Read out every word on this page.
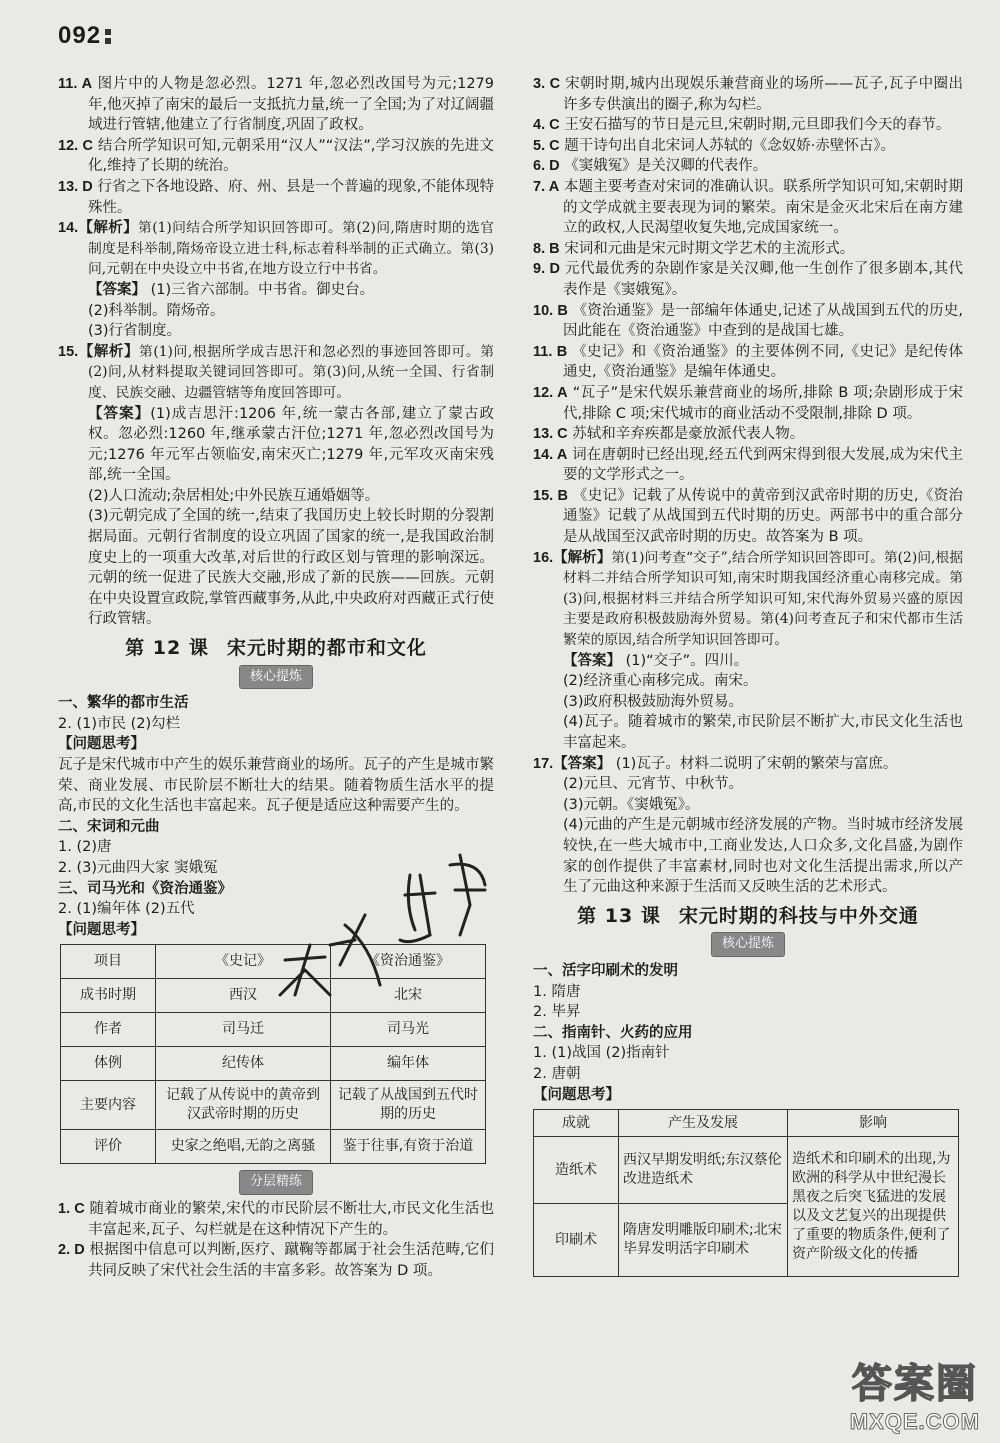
092

11. A 图片中的人物是忽必烈。1271 年,忽必烈改国号为元;1279 年,他灭掉了南宋的最后一支抵抗力量,统一了全国;为了对辽阔疆域进行管辖,他建立了行省制度,巩固了政权。

12. C 结合所学知识可知,元朝采用“汉人”“汉法”,学习汉族的先进文化,维持了长期的统治。

13. D 行省之下各地设路、府、州、县是一个普遍的现象,不能体现特殊性。

14.【解析】第(1)问结合所学知识回答即可。第(2)问,隋唐时期的选官制度是科举制,隋炀帝设立进士科,标志着科举制的正式确立。第(3)问,元朝在中央设立中书省,在地方设立行中书省。

【答案】 (1)三省六部制。中书省。御史台。

(2)科举制。隋炀帝。

(3)行省制度。

15.【解析】第(1)问,根据所学成吉思汗和忽必烈的事迹回答即可。第(2)问,从材料提取关键词回答即可。第(3)问,从统一全国、行省制度、民族交融、边疆管辖等角度回答即可。

【答案】(1)成吉思汗:1206 年,统一蒙古各部,建立了蒙古政权。忽必烈:1260 年,继承蒙古汗位;1271 年,忽必烈改国号为元;1276 年元军占领临安,南宋灭亡;1279 年,元军攻灭南宋残部,统一全国。

(2)人口流动;杂居相处;中外民族互通婚姻等。

(3)元朝完成了全国的统一,结束了我国历史上较长时期的分裂割据局面。元朝行省制度的设立巩固了国家的统一,是我国政治制度史上的一项重大改革,对后世的行政区划与管理的影响深远。元朝的统一促进了民族大交融,形成了新的民族——回族。元朝在中央设置宣政院,掌管西藏事务,从此,中央政府对西藏正式行使行政管辖。

第 12 课 宋元时期的都市和文化
核心提炼

一、繁华的都市生活

2. (1)市民 (2)勾栏

【问题思考】

瓦子是宋代城市中产生的娱乐兼营商业的场所。瓦子的产生是城市繁荣、商业发展、市民阶层不断壮大的结果。随着物质生活水平的提高,市民的文化生活也丰富起来。瓦子便是适应这种需要产生的。

二、宋词和元曲

1. (2)唐

2. (3)元曲四大家 窦娥冤

三、司马光和《资治通鉴》

2. (1)编年体 (2)五代

【问题思考】

项目	《史记》	《资治通鉴》
成书时期	西汉	北宋
作者	司马迁	司马光
体例	纪传体	编年体
主要内容	记载了从传说中的黄帝到汉武帝时期的历史	记载了从战国到五代时期的历史
评价	史家之绝唱,无韵之离骚	鉴于往事,有资于治道
分层精练

1. C 随着城市商业的繁荣,宋代的市民阶层不断壮大,市民文化生活也丰富起来,瓦子、勾栏就是在这种情况下产生的。

2. D 根据图中信息可以判断,医疗、蹴鞠等都属于社会生活范畴,它们共同反映了宋代社会生活的丰富多彩。故答案为 D 项。

3. C 宋朝时期,城内出现娱乐兼营商业的场所——瓦子,瓦子中圈出许多专供演出的圈子,称为勾栏。

4. C 王安石描写的节日是元旦,宋朝时期,元旦即我们今天的春节。

5. C 题干诗句出自北宋词人苏轼的《念奴娇·赤壁怀古》。

6. D 《窦娥冤》是关汉卿的代表作。

7. A 本题主要考查对宋词的准确认识。联系所学知识可知,宋朝时期的文学成就主要表现为词的繁荣。南宋是金灭北宋后在南方建立的政权,人民渴望收复失地,完成国家统一。

8. B 宋词和元曲是宋元时期文学艺术的主流形式。

9. D 元代最优秀的杂剧作家是关汉卿,他一生创作了很多剧本,其代表作是《窦娥冤》。

10. B 《资治通鉴》是一部编年体通史,记述了从战国到五代的历史,因此能在《资治通鉴》中查到的是战国七雄。

11. B 《史记》和《资治通鉴》的主要体例不同,《史记》是纪传体通史,《资治通鉴》是编年体通史。

12. A “瓦子”是宋代娱乐兼营商业的场所,排除 B 项;杂剧形成于宋代,排除 C 项;宋代城市的商业活动不受限制,排除 D 项。

13. C 苏轼和辛弃疾都是豪放派代表人物。

14. A 词在唐朝时已经出现,经五代到两宋得到很大发展,成为宋代主要的文学形式之一。

15. B 《史记》记载了从传说中的黄帝到汉武帝时期的历史,《资治通鉴》记载了从战国到五代时期的历史。两部书中的重合部分是从战国至汉武帝时期的历史。故答案为 B 项。

16.【解析】第(1)问考查“交子”,结合所学知识回答即可。第(2)问,根据材料二并结合所学知识可知,南宋时期我国经济重心南移完成。第(3)问,根据材料三并结合所学知识可知,宋代海外贸易兴盛的原因主要是政府积极鼓励海外贸易。第(4)问考查瓦子和宋代都市生活繁荣的原因,结合所学知识回答即可。

【答案】 (1)“交子”。四川。

(2)经济重心南移完成。南宋。

(3)政府积极鼓励海外贸易。

(4)瓦子。随着城市的繁荣,市民阶层不断扩大,市民文化生活也丰富起来。

17.【答案】 (1)瓦子。材料二说明了宋朝的繁荣与富庶。

(2)元旦、元宵节、中秋节。

(3)元朝。《窦娥冤》。

(4)元曲的产生是元朝城市经济发展的产物。当时城市经济发展较快,在一些大城市中,工商业发达,人口众多,文化昌盛,为剧作家的创作提供了丰富素材,同时也对文化生活提出需求,所以产生了元曲这种来源于生活而又反映生活的艺术形式。

第 13 课 宋元时期的科技与中外交通
核心提炼

一、活字印刷术的发明

1. 隋唐

2. 毕昇

二、指南针、火药的应用

1. (1)战国 (2)指南针

2. 唐朝

【问题思考】

成就	产生及发展	影响
造纸术	西汉早期发明纸;东汉蔡伦改进造纸术	造纸术和印刷术的出现,为欧洲的科学从中世纪漫长黑夜之后突飞猛进的发展以及文艺复兴的出现提供了重要的物质条件,便利了资产阶级文化的传播
印刷术	隋唐发明雕版印刷术;北宋毕昇发明活字印刷术	
答案圈
MXQE.COM
